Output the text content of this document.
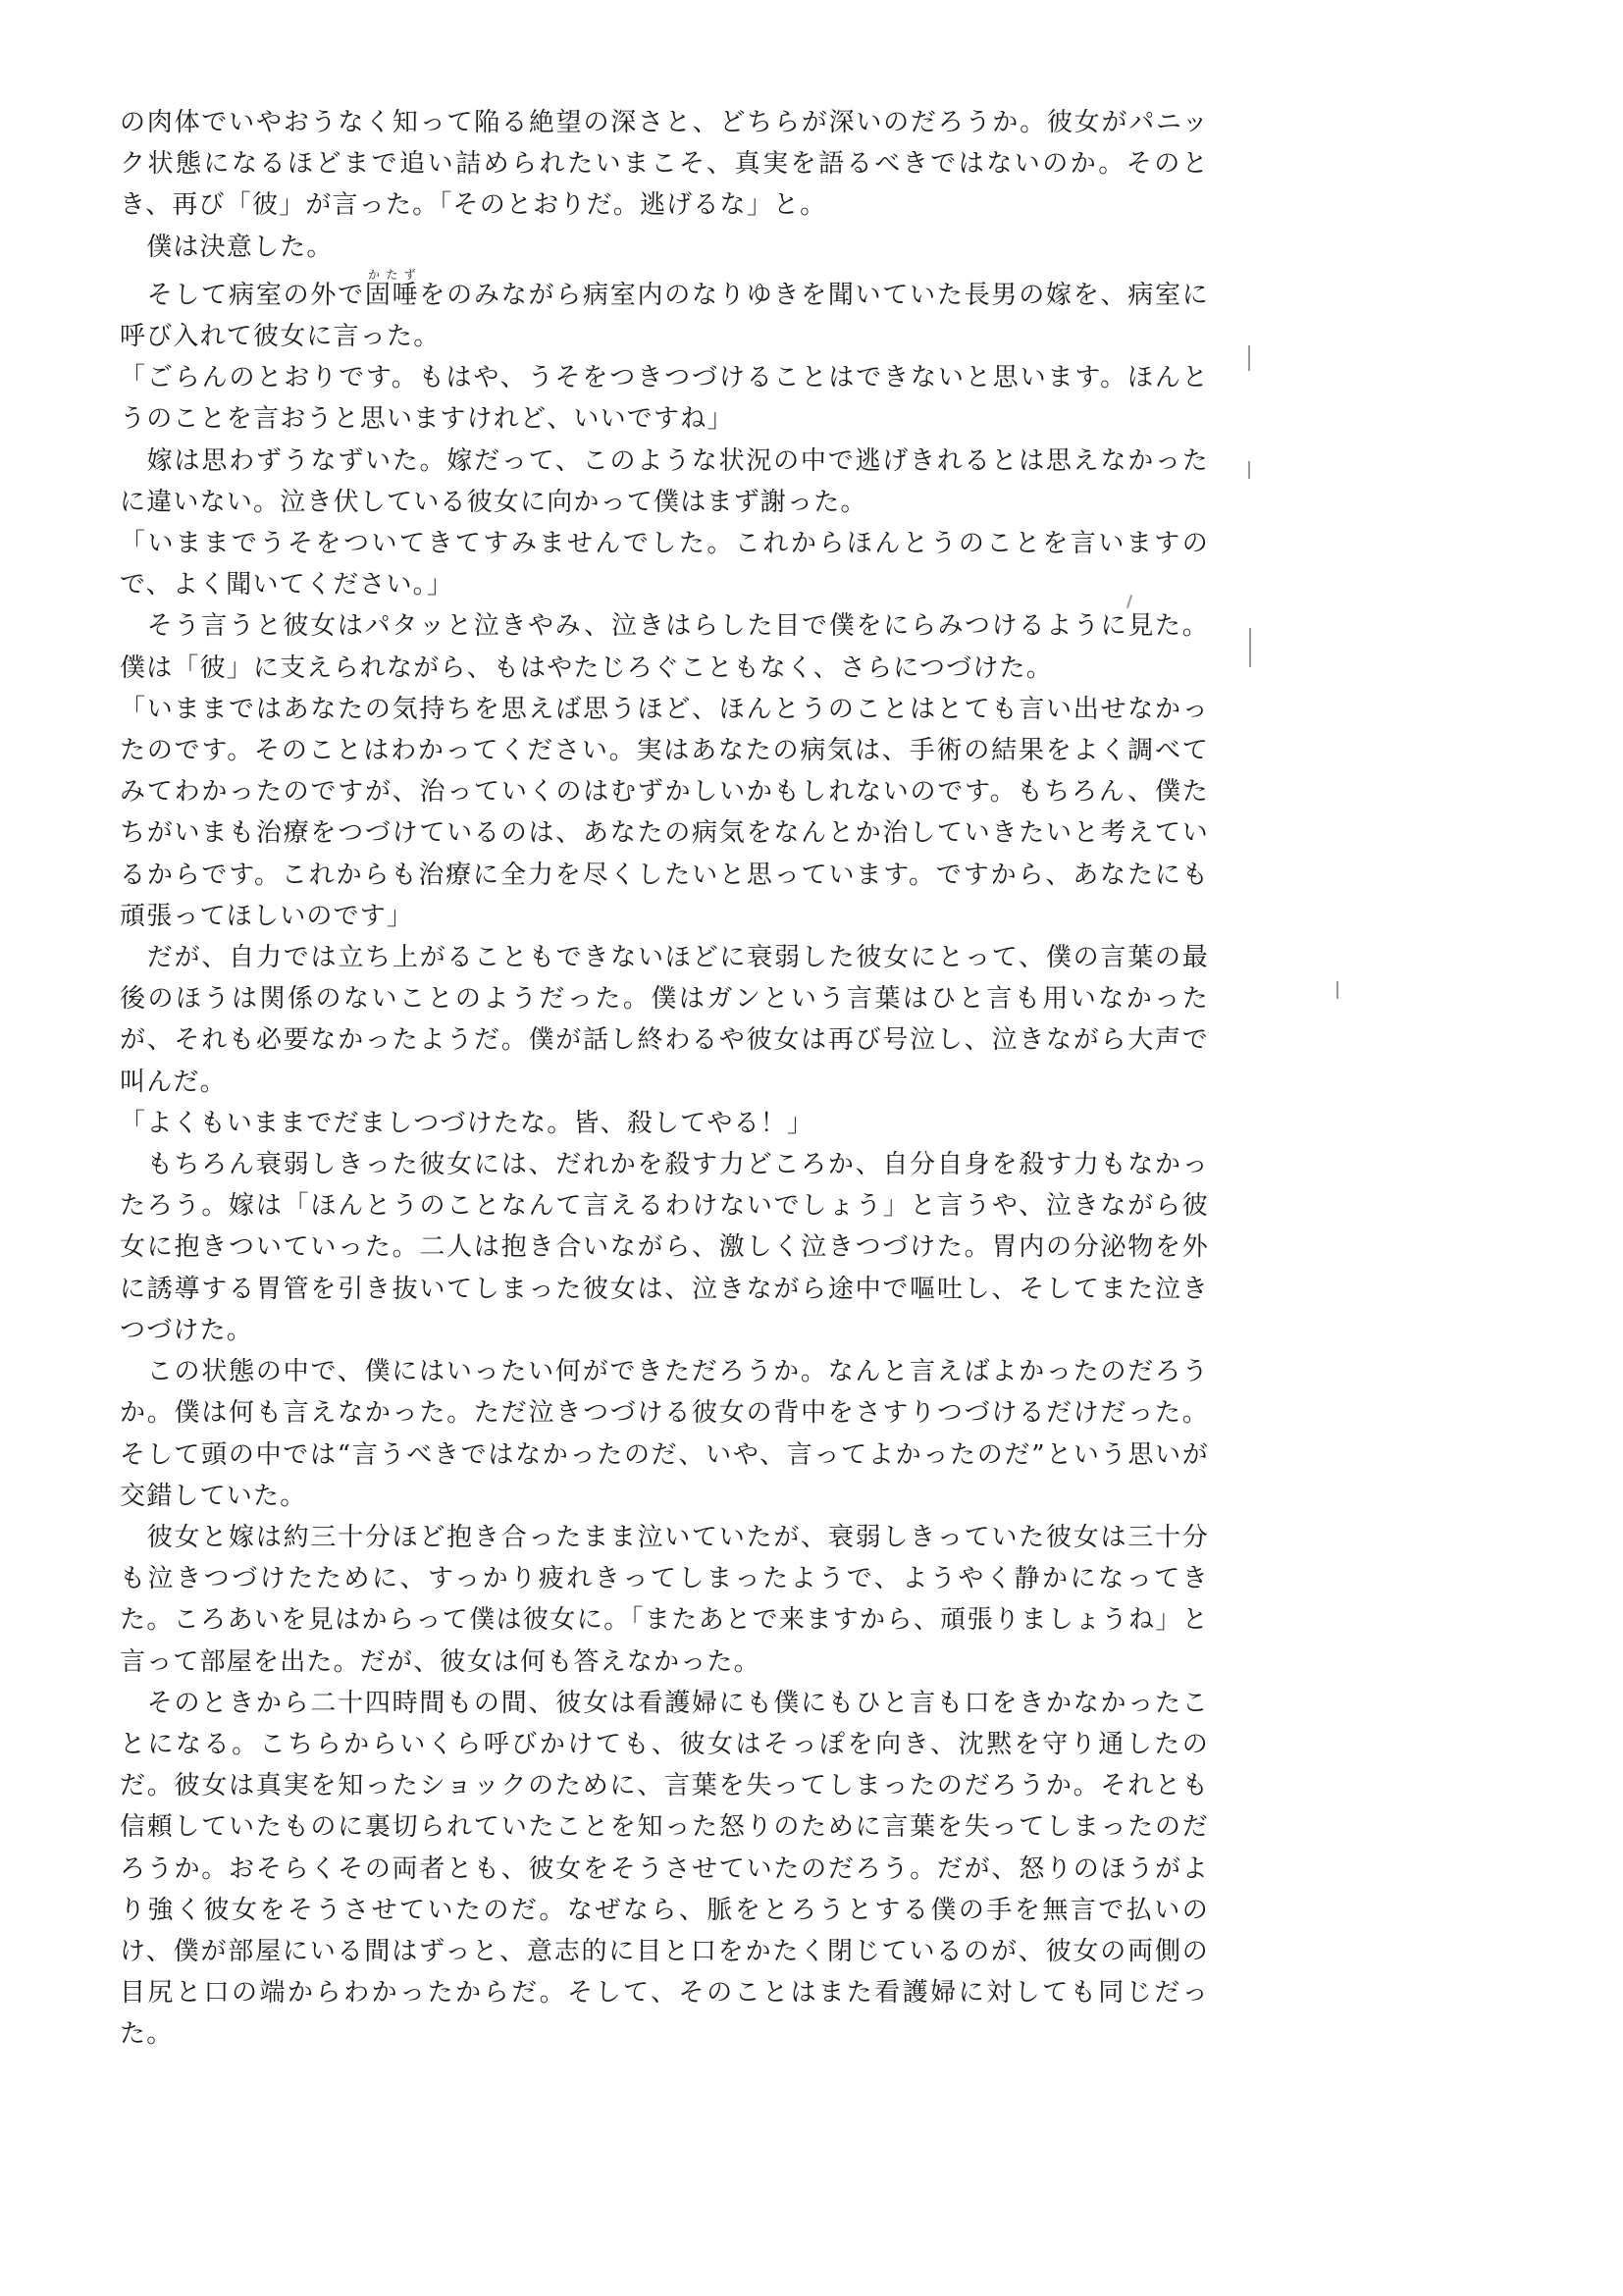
の肉体でいやおうなく知って陥る絶望の深さと、どちらが深いのだろうか。彼女がパニック状態になるほどまで追い詰められたいまこそ、真実を語るべきではないのか。そのとき、再び「彼」が言った。「そのとおりだ。逃げるな」と。

　僕は決意した。

　そして病室の外で固唾かたずをのみながら病室内のなりゆきを聞いていた長男の嫁を、病室に呼び入れて彼女に言った。

「ごらんのとおりです。もはや、うそをつきつづけることはできないと思います。ほんとうのことを言おうと思いますけれど、いいですね」

　嫁は思わずうなずいた。嫁だって、このような状況の中で逃げきれるとは思えなかったに違いない。泣き伏している彼女に向かって僕はまず謝った。

「いままでうそをついてきてすみませんでした。これからほんとうのことを言いますので、よく聞いてください。」

　そう言うと彼女はパタッと泣きやみ、泣きはらした目で僕をにらみつけるように見た。僕は「彼」に支えられながら、もはやたじろぐこともなく、さらにつづけた。

「いままではあなたの気持ちを思えば思うほど、ほんとうのことはとても言い出せなかったのです。そのことはわかってください。実はあなたの病気は、手術の結果をよく調べてみてわかったのですが、治っていくのはむずかしいかもしれないのです。もちろん、僕たちがいまも治療をつづけているのは、あなたの病気をなんとか治していきたいと考えているからです。これからも治療に全力を尽くしたいと思っています。ですから、あなたにも頑張ってほしいのです」

　だが、自力では立ち上がることもできないほどに衰弱した彼女にとって、僕の言葉の最後のほうは関係のないことのようだった。僕はガンという言葉はひと言も用いなかったが、それも必要なかったようだ。僕が話し終わるや彼女は再び号泣し、泣きながら大声で叫んだ。

「よくもいままでだましつづけたな。皆、殺してやる！」

　もちろん衰弱しきった彼女には、だれかを殺す力どころか、自分自身を殺す力もなかったろう。嫁は「ほんとうのことなんて言えるわけないでしょう」と言うや、泣きながら彼女に抱きついていった。二人は抱き合いながら、激しく泣きつづけた。胃内の分泌物を外に誘導する胃管を引き抜いてしまった彼女は、泣きながら途中で嘔吐し、そしてまた泣きつづけた。

　この状態の中で、僕にはいったい何ができただろうか。なんと言えばよかったのだろうか。僕は何も言えなかった。ただ泣きつづける彼女の背中をさすりつづけるだけだった。そして頭の中では“言うべきではなかったのだ、いや、言ってよかったのだ”という思いが交錯していた。

　彼女と嫁は約三十分ほど抱き合ったまま泣いていたが、衰弱しきっていた彼女は三十分も泣きつづけたために、すっかり疲れきってしまったようで、ようやく静かになってきた。ころあいを見はからって僕は彼女に。「またあとで来ますから、頑張りましょうね」と言って部屋を出た。だが、彼女は何も答えなかった。

　そのときから二十四時間もの間、彼女は看護婦にも僕にもひと言も口をきかなかったことになる。こちらからいくら呼びかけても、彼女はそっぽを向き、沈黙を守り通したのだ。彼女は真実を知ったショックのために、言葉を失ってしまったのだろうか。それとも信頼していたものに裏切られていたことを知った怒りのために言葉を失ってしまったのだろうか。おそらくその両者とも、彼女をそうさせていたのだろう。だが、怒りのほうがより強く彼女をそうさせていたのだ。なぜなら、脈をとろうとする僕の手を無言で払いのけ、僕が部屋にいる間はずっと、意志的に目と口をかたく閉じているのが、彼女の両側の目尻と口の端からわかったからだ。そして、そのことはまた看護婦に対しても同じだった。
